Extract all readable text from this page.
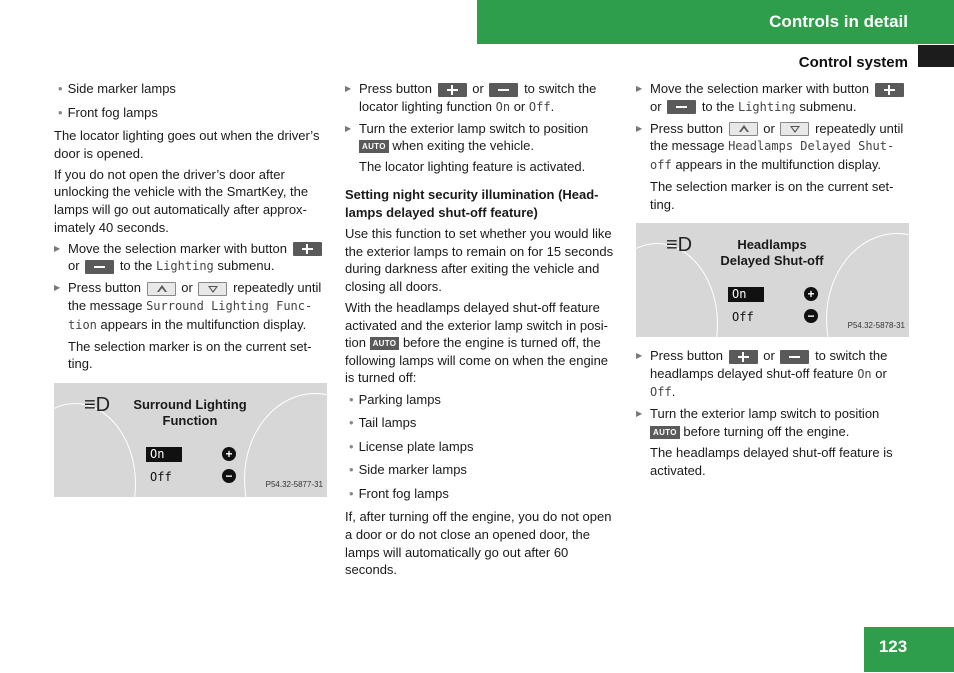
Controls in detail
Control system

• Side marker lamps

• Front fog lamps

The locator lighting goes out when the driver’s door is opened.

If you do not open the driver’s door after unlocking the vehicle with the SmartKey, the lamps will go out automatically after approx-imately 40 seconds.

▶ Move the selection marker with button  or	to the Lighting submenu.

▶ Press button	or	repeatedly until the message Surround Lighting Func-tion appears in the multifunction display.

The selection marker is on the current set-ting.

≡D	Surround Lighting
Function
On
Off
+
−
P54.32-5877-31

▶ Press button	or	to switch the locator lighting function On or Off.

▶ Turn the exterior lamp switch to position AUTO when exiting the vehicle.

The locator lighting feature is activated.

Setting night security illumination (Head-lamps delayed shut-off feature)

Use this function to set whether you would like the exterior lamps to remain on for 15 seconds during darkness after exiting the vehicle and closing all doors.

With the headlamps delayed shut-off feature activated and the exterior lamp switch in posi-tion AUTO before the engine is turned off, the following lamps will come on when the engine is turned off:

• Parking lamps

• Tail lamps

• License plate lamps

• Side marker lamps

• Front fog lamps

If, after turning off the engine, you do not open a door or do not close an opened door, the lamps will automatically go out after 60 seconds.

▶ Move the selection marker with button  or	to the Lighting submenu.

▶ Press button	or	repeatedly until the message Headlamps Delayed Shut-off appears in the multifunction display.

The selection marker is on the current set-ting.

≡D	Headlamps
Delayed Shut-off
On
Off
+
−
P54.32-5878-31

▶ Press button	or	to switch the headlamps delayed shut-off feature On or Off.

▶ Turn the exterior lamp switch to position AUTO before turning off the engine.

The headlamps delayed shut-off feature is activated.

123
